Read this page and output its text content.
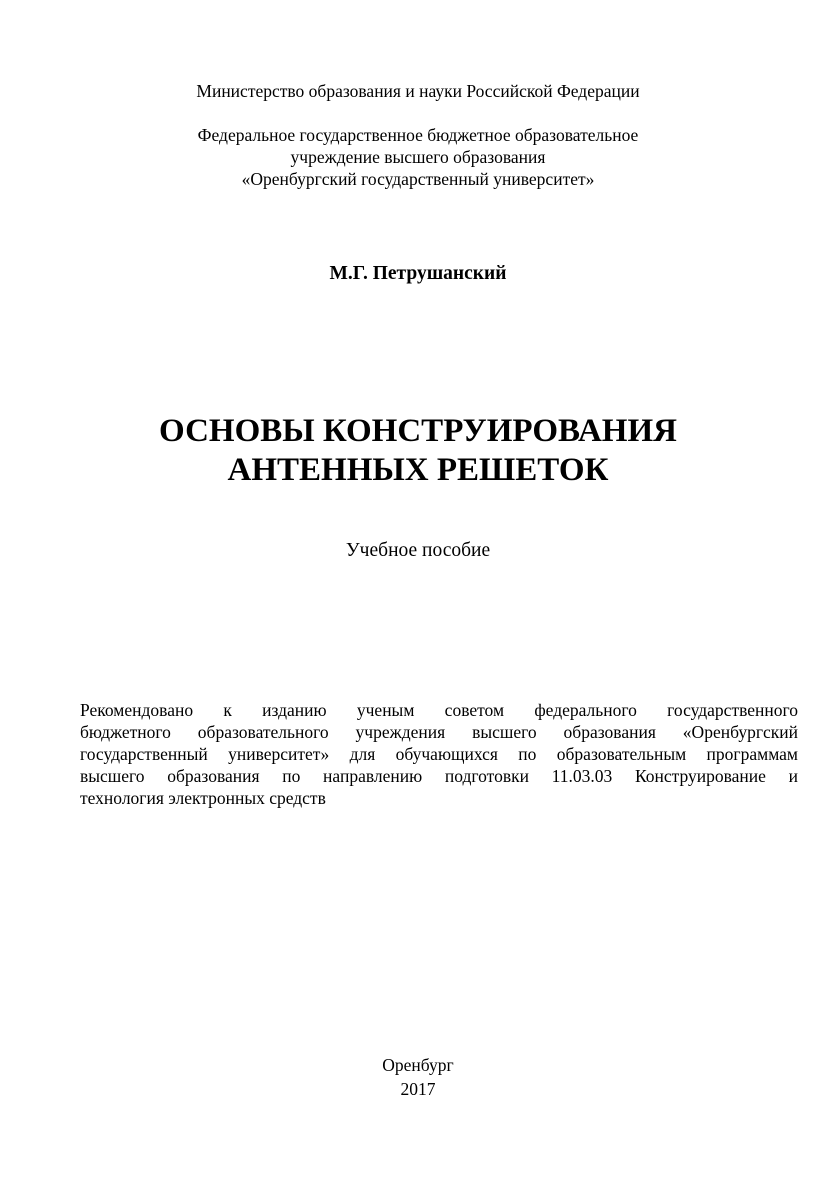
Министерство образования и науки Российской Федерации
Федеральное государственное бюджетное образовательное
учреждение высшего образования
«Оренбургский государственный университет»
М.Г. Петрушанский
ОСНОВЫ КОНСТРУИРОВАНИЯ
АНТЕННЫХ РЕШЕТОК
Учебное пособие
Рекомендовано к изданию ученым советом федерального государственного
бюджетного образовательного учреждения высшего образования «Оренбургский
государственный университет» для обучающихся по образовательным программам
высшего образования по направлению подготовки 11.03.03 Конструирование и
технология электронных средств
Оренбург
2017
